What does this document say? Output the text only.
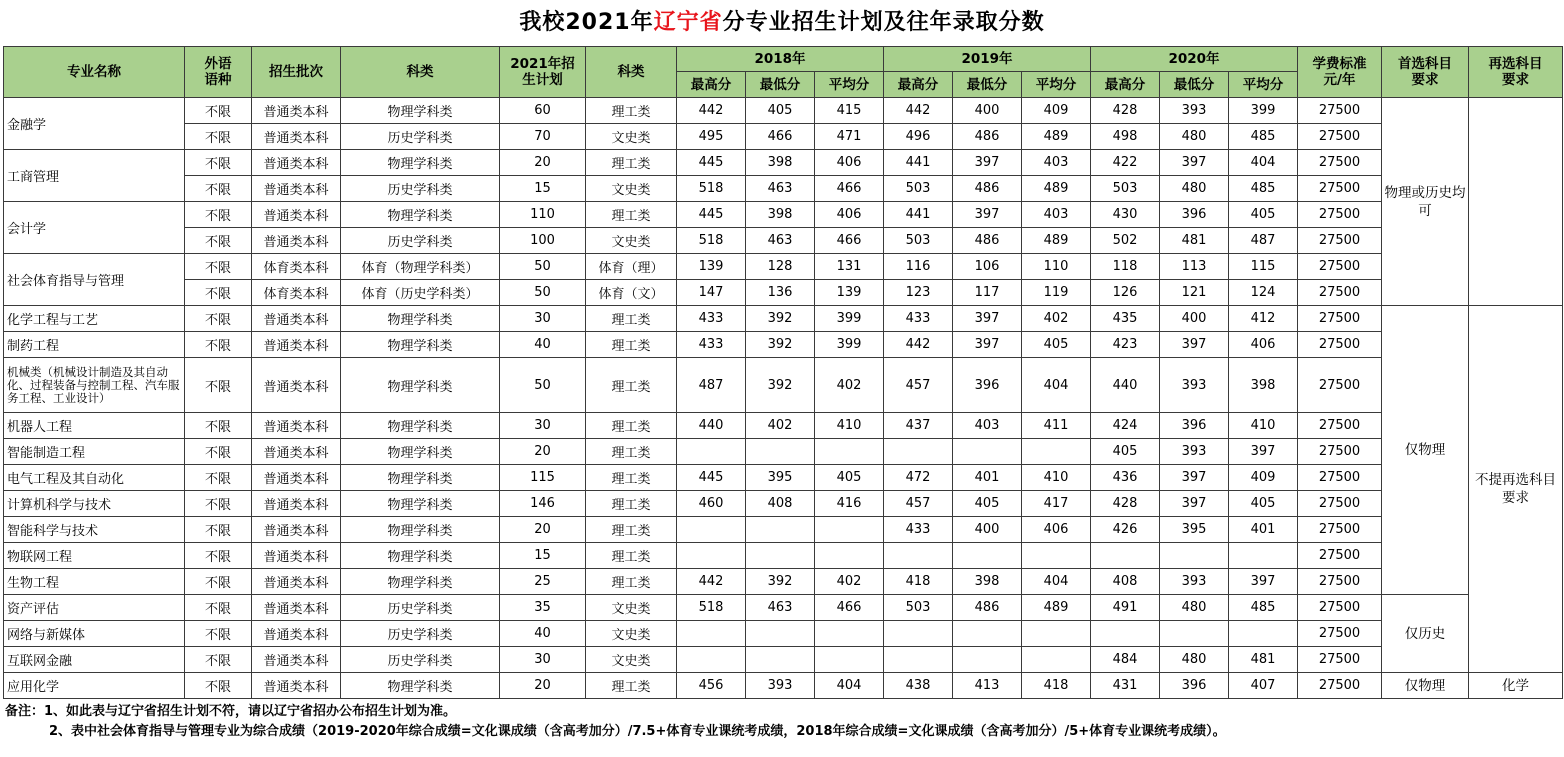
我校2021年辽宁省分专业招生计划及往年录取分数
专业名称	外语语种	招生批次	科类	2021年招生计划	科类	2018年			2019年			2020年			学费标准元/年	首选科目要求	再选科目要求
						最高分	最低分	平均分	最高分	最低分	平均分	最高分	最低分	平均分			
金融学	不限	普通类本科	物理学科类	60	理工类	442	405	415	442	400	409	428	393	399	27500	物理或历史均可	
	不限	普通类本科	历史学科类	70	文史类	495	466	471	496	486	489	498	480	485	27500		
工商管理	不限	普通类本科	物理学科类	20	理工类	445	398	406	441	397	403	422	397	404	27500		
	不限	普通类本科	历史学科类	15	文史类	518	463	466	503	486	489	503	480	485	27500		
会计学	不限	普通类本科	物理学科类	110	理工类	445	398	406	441	397	403	430	396	405	27500		
	不限	普通类本科	历史学科类	100	文史类	518	463	466	503	486	489	502	481	487	27500		
社会体育指导与管理	不限	体育类本科	体育（物理学科类）	50	体育（理）	139	128	131	116	106	110	118	113	115	27500		
	不限	体育类本科	体育（历史学科类）	50	体育（文）	147	136	139	123	117	119	126	121	124	27500		
化学工程与工艺	不限	普通类本科	物理学科类	30	理工类	433	392	399	433	397	402	435	400	412	27500	仅物理	不提再选科目要求
制药工程	不限	普通类本科	物理学科类	40	理工类	433	392	399	442	397	405	423	397	406	27500		
机械类（机械设计制造及其自动化、过程装备与控制工程、汽车服务工程、工业设计）	不限	普通类本科	物理学科类	50	理工类	487	392	402	457	396	404	440	393	398	27500		
机器人工程	不限	普通类本科	物理学科类	30	理工类	440	402	410	437	403	411	424	396	410	27500		
智能制造工程	不限	普通类本科	物理学科类	20	理工类							405	393	397	27500		
电气工程及其自动化	不限	普通类本科	物理学科类	115	理工类	445	395	405	472	401	410	436	397	409	27500		
计算机科学与技术	不限	普通类本科	物理学科类	146	理工类	460	408	416	457	405	417	428	397	405	27500		
智能科学与技术	不限	普通类本科	物理学科类	20	理工类				433	400	406	426	395	401	27500		
物联网工程	不限	普通类本科	物理学科类	15	理工类										27500		
生物工程	不限	普通类本科	物理学科类	25	理工类	442	392	402	418	398	404	408	393	397	27500		
资产评估	不限	普通类本科	历史学科类	35	文史类	518	463	466	503	486	489	491	480	485	27500	仅历史	
网络与新媒体	不限	普通类本科	历史学科类	40	文史类										27500		
互联网金融	不限	普通类本科	历史学科类	30	文史类							484	480	481	27500		
应用化学	不限	普通类本科	物理学科类	20	理工类	456	393	404	438	413	418	431	396	407	27500	仅物理	化学
备注：1、如此表与辽宁省招生计划不符，请以辽宁省招办公布招生计划为准。
2、表中社会体育指导与管理专业为综合成绩（2019-2020年综合成绩=文化课成绩（含高考加分）/7.5+体育专业课统考成绩，2018年综合成绩=文化课成绩（含高考加分）/5+体育专业课统考成绩）。
